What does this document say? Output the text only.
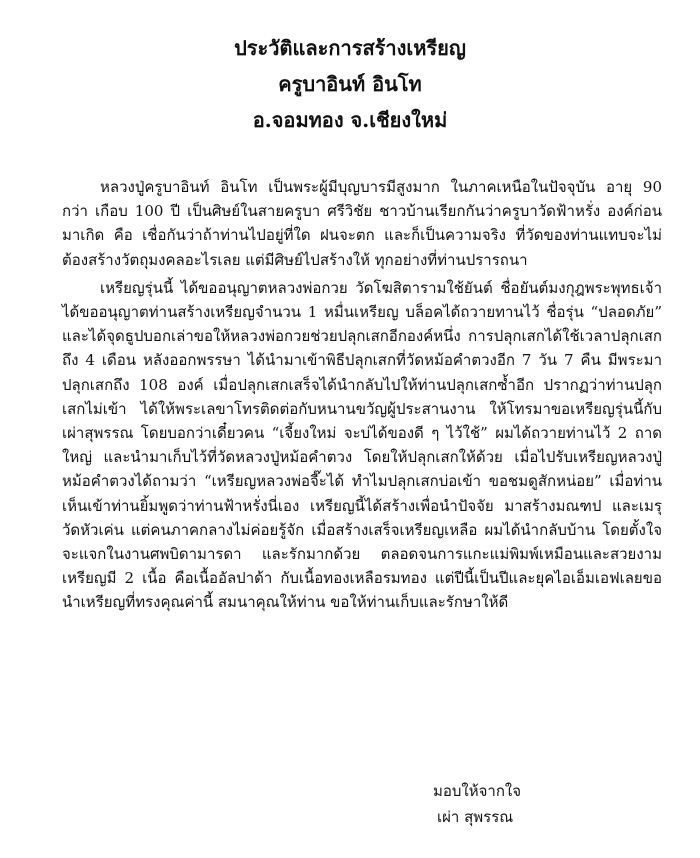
ประวัติและการสร้างเหรียญ
ครูบาอินท์ อินโท
อ.จอมทอง จ.เชียงใหม่

หลวงปู่ครูบาอินท์ อินโท เป็นพระผู้มีบุญบารมีสูงมาก ในภาคเหนือในปัจจุบัน อายุ 90 กว่า เกือบ 100 ปี เป็นศิษย์ในสายครูบา ศรีวิชัย ชาวบ้านเรียกกันว่าครูบาวัดฟ้าหรั่ง องค์ก่อนมาเกิด คือ เชื่อกันว่าถ้าท่านไปอยู่ที่ใด ฝนจะตก และก็เป็นความจริง ที่วัดของท่านแทบจะไม่ต้องสร้างวัตถุมงคลอะไรเลย แต่มีศิษย์ไปสร้างให้ ทุกอย่างที่ท่านปรารถนา

เหรียญรุ่นนี้ ได้ขออนุญาตหลวงพ่อกวย วัดโฆสิตารามใช้ยันต์ ชื่อยันต์มงกุฎพระพุทธเจ้า ได้ขออนุญาตท่านสร้างเหรียญจำนวน 1 หมื่นเหรียญ บล็อคได้ถวายทานไว้ ชื่อรุ่น “ปลอดภัย” และได้จุดธูปบอกเล่าขอให้หลวงพ่อกวยช่วยปลุกเสกอีกองค์หนึ่ง การปลุกเสกได้ใช้เวลาปลุกเสกถึง 4 เดือน หลังออกพรรษา ได้นำมาเข้าพิธีปลุกเสกที่วัดหม้อคำตวงอีก 7 วัน 7 คืน มีพระมาปลุกเสกถึง 108 องค์ เมื่อปลุกเสกเสร็จได้นำกลับไปให้ท่านปลุกเสกซ้ำอีก ปรากฏว่าท่านปลุกเสกไม่เข้า ได้ให้พระเลขาโทรติดต่อกับหนานขวัญผู้ประสานงาน ให้โทรมาขอเหรียญรุ่นนี้กับเผ่าสุพรรณ โดยบอกว่าเดี๋ยวคน “เจี้ยงใหม่ จะบ่ได้ของดี ๆ ไว้ใช้” ผมได้ถวายท่านไว้ 2 ถาดใหญ่ และนำมาเก็บไว้ที่วัดหลวงปู่หม้อคำตวง โดยให้ปลุกเสกให้ด้วย เมื่อไปรับเหรียญหลวงปู่หม้อคำตวงได้ถามว่า “เหรียญหลวงพ่อจี๊ะได้ ทำไมปลุกเสกบ่อเข้า ขอชมดูสักหน่อย” เมื่อท่านเห็นเข้าท่านยิ้มพูดว่าท่านฟ้าหรั่งนี่เอง เหรียญนี้ได้สร้างเพื่อนำปัจจัย มาสร้างมณฑป และเมรุวัดหัวเค่น แต่คนภาคกลางไม่ค่อยรู้จัก เมื่อสร้างเสร็จเหรียญเหลือ ผมได้นำกลับบ้าน โดยตั้งใจจะแจกในงานศพบิดามารดา และรักมากด้วย ตลอดจนการแกะแม่พิมพ์เหมือนและสวยงาม เหรียญมี 2 เนื้อ คือเนื้ออัลปาด้า กับเนื้อทองเหลือรมทอง แต่ปีนี้เป็นปีและยุคไอเอ็มเอฟเลยขอนำเหรียญที่ทรงคุณค่านี้ สมนาคุณให้ท่าน ขอให้ท่านเก็บและรักษาให้ดี

มอบให้จากใจ
เผ่า สุพรรณ
